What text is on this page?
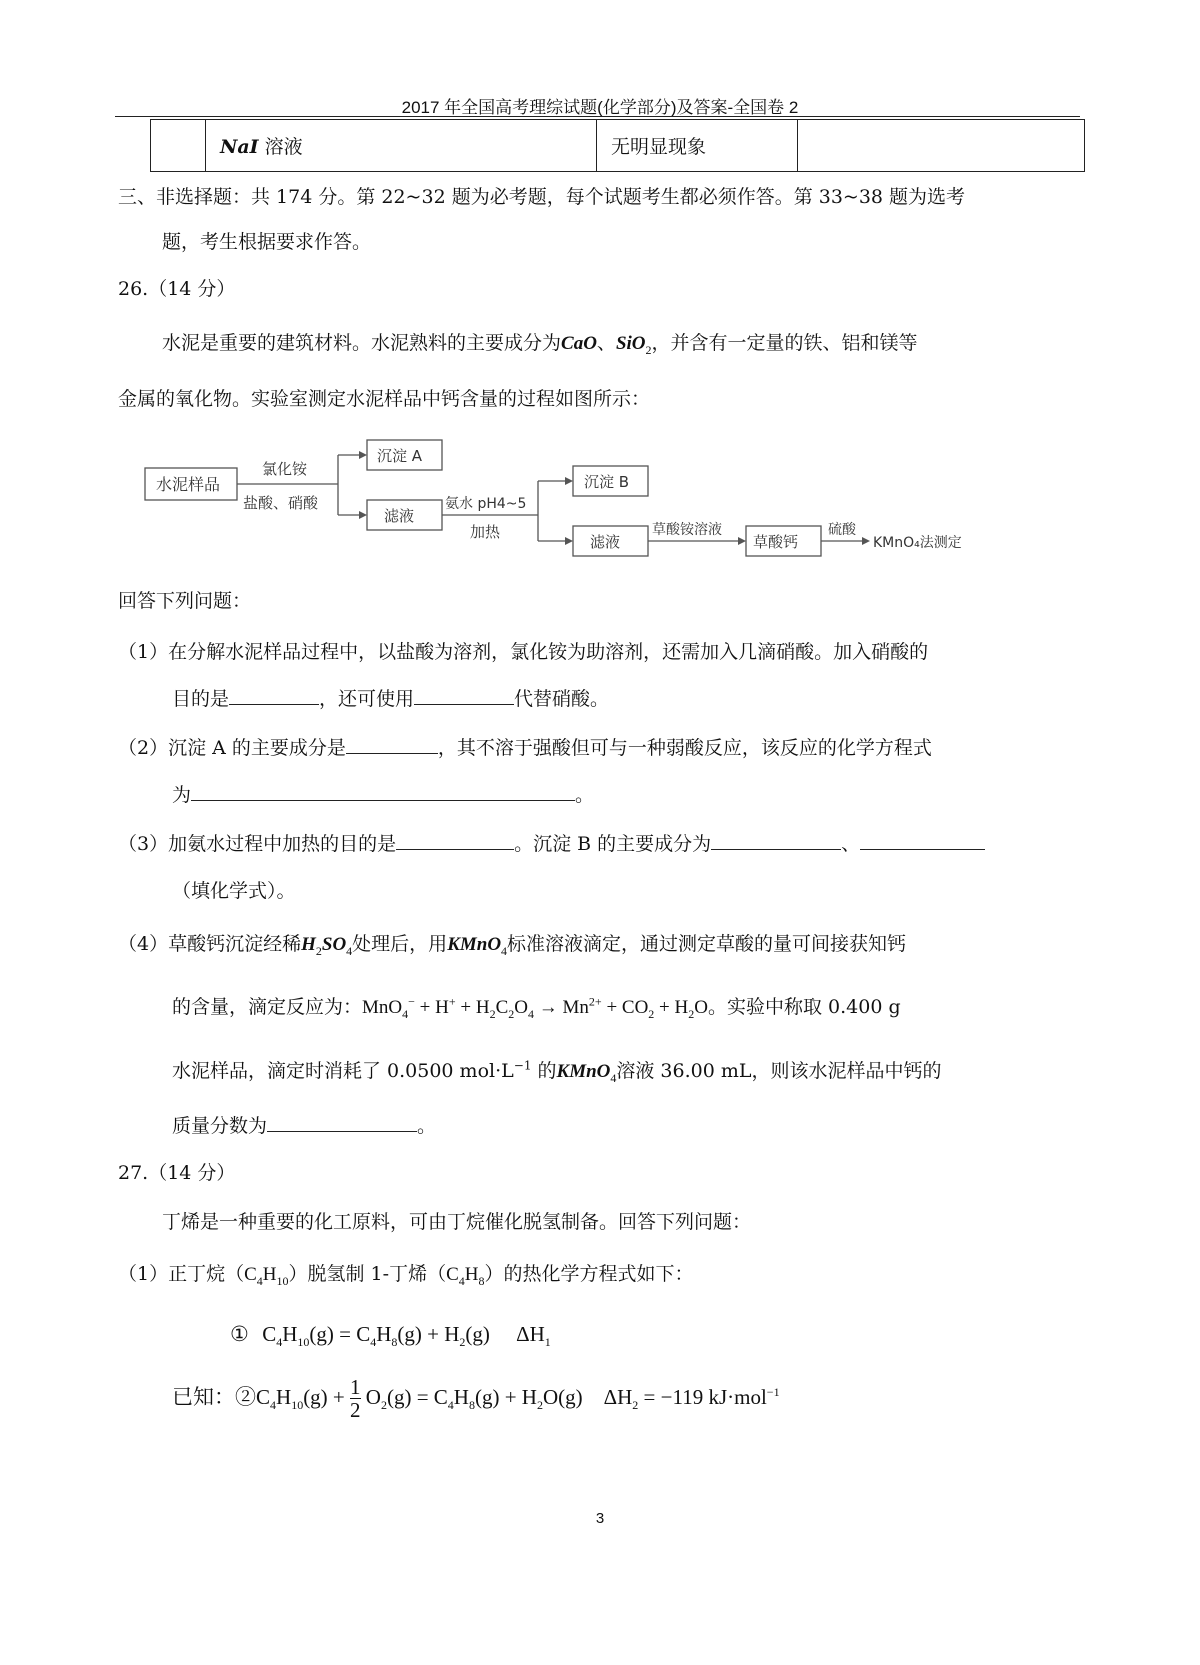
2017 年全国高考理综试题(化学部分)及答案-全国卷 2
	NaI 溶液	无明显现象	
三、非选择题：共 174 分。第 22~32 题为必考题，每个试题考生都必须作答。第 33~38 题为选考
题，考生根据要求作答。
26.（14 分）
水泥是重要的建筑材料。水泥熟料的主要成分为CaO、SiO$_2$，并含有一定量的铁、铝和镁等
金属的氧化物。实验室测定水泥样品中钙含量的过程如图所示：
水泥样品
氯化铵
盐酸、硝酸
沉淀 A
滤液
氨水 pH4~5
加热
沉淀 B
滤液
草酸铵溶液
草酸钙
硫酸
KMnO₄法测定
回答下列问题：
（1）在分解水泥样品过程中，以盐酸为溶剂，氯化铵为助溶剂，还需加入几滴硝酸。加入硝酸的
目的是	，还可使用	代替硝酸。
（2）沉淀 A 的主要成分是	，其不溶于强酸但可与一种弱酸反应，该反应的化学方程式
为	。
（3）加氨水过程中加热的目的是	。沉淀 B 的主要成分为	、
（填化学式）。
（4）草酸钙沉淀经稀$H_2SO_4$处理后，用KMnO$_4$标准溶液滴定，通过测定草酸的量可间接获知钙
的含量，滴定反应为：$MnO_4^- + H^+ + H_2C_2O_4 \to Mn^{2+} + CO_2 + H_2O$。实验中称取 0.400 g
水泥样品，滴定时消耗了 0.0500 $mol\cdot L^{-1}$ 的KMnO$_4$溶液 36.00 mL，则该水泥样品中钙的
质量分数为	。
27.（14 分）
丁烯是一种重要的化工原料，可由丁烷催化脱氢制备。回答下列问题：
（1）正丁烷$(C_4H_{10})$脱氢制 1-丁烯$(C_4H_8)$的热化学方程式如下：
① $C_4H_{10}(g) = C_4H_8(g) + H_2(g)$     $\Delta H_1$
已知：$②C_4H_{10}(g) + \frac{1}{2} O_2(g) = C_4H_8(g) + H_2O(g)$    $\Delta H_2 = -119$ kJ·mol$^{-1}$
3
